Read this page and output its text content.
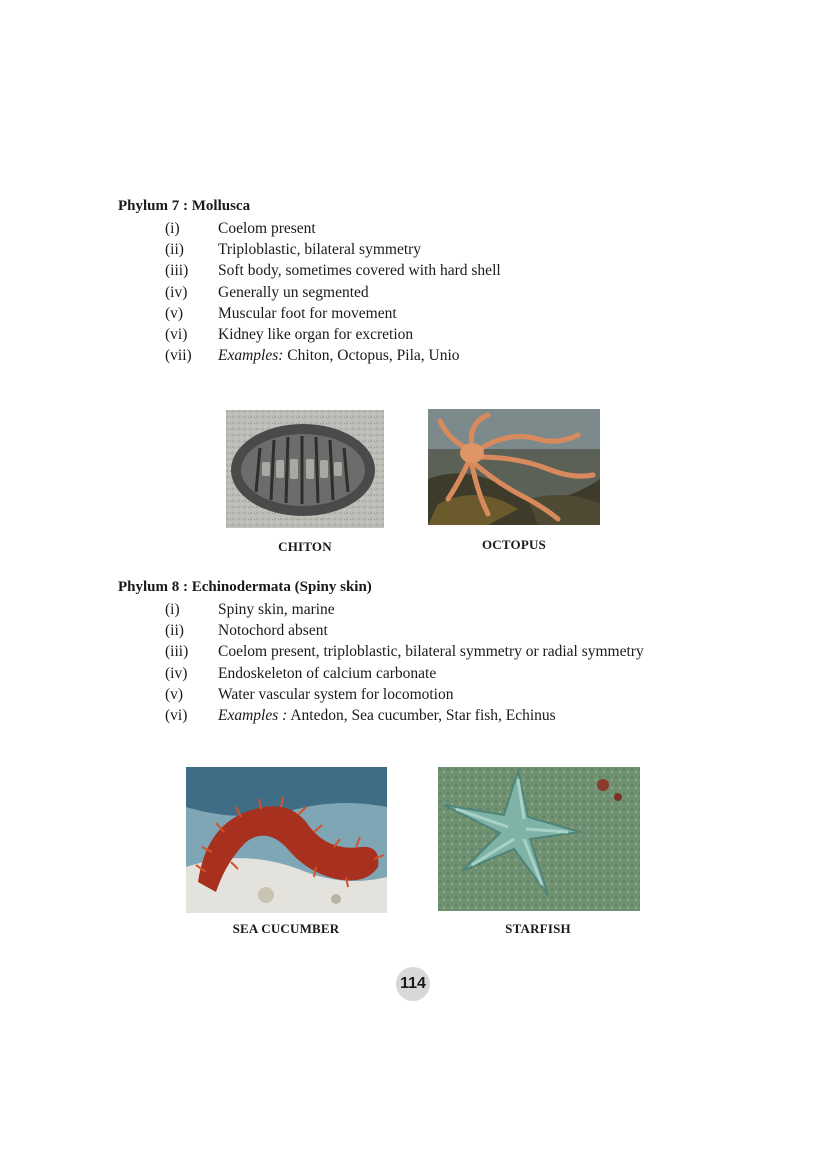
Phylum 7 : Mollusca
(i)	Coelom present
(ii)	Triploblastic, bilateral symmetry
(iii)	Soft body, sometimes covered with hard shell
(iv)	Generally un segmented
(v)	Muscular foot for movement
(vi)	Kidney like organ for excretion
(vii)	Examples: Chiton, Octopus, Pila, Unio
CHITON	OCTOPUS
Phylum 8 : Echinodermata (Spiny skin)
(i)	Spiny skin, marine
(ii)	Notochord absent
(iii)	Coelom present, triploblastic, bilateral symmetry or radial symmetry
(iv)	Endoskeleton of calcium carbonate
(v)	Water vascular system for locomotion
(vi)	Examples : Antedon, Sea cucumber, Star fish, Echinus
SEA CUCUMBER	STARFISH
114
